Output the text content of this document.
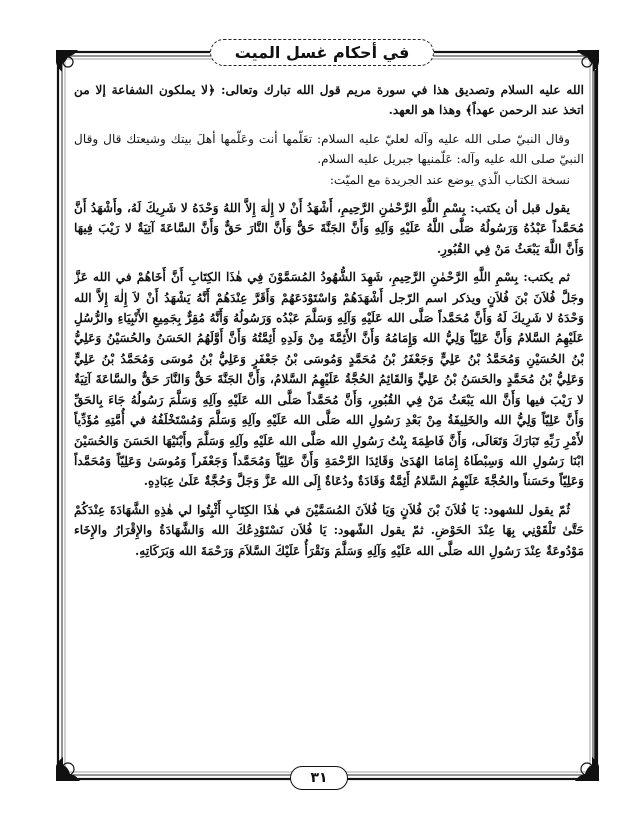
في أحكام غسل الميت

الله عليه السلام وتصديق هذا في سورة مريم قول الله تبارك وتعالى: ﴿لا يملكون الشفاعة إلا من اتخذ عند الرحمن عهداً﴾ وهذا هو العهد.

وقال النبيّ صلى الله عليه وآله لعليّ عليه السلام: تعَلّمها أنت وعَلّمها أهلَ بيتك وشيعتك قال وقال النبيّ صلى الله عليه وآله: عَلّمنيها جبريل عليه السلام.

نسخة الكتاب الّذي يوضع عند الجريدة مع الميّت:

يقول قبل أن يكتب: بِسْمِ اللَّهِ الرَّحْمٰنِ الرَّحِيمِ، أَشْهَدُ أَنْ لا إِلٰهَ إِلاَّ اللهُ وَحْدَهُ لا شَرِيكَ لَهُ، وأَشْهَدُ أَنَّ مُحَمَّداً عَبْدُهُ وَرَسُولُهُ صَلَّى اللَّهُ عَلَيْهِ وَآلِهِ وَأَنَّ الجَنَّةَ حَقٌّ وَأَنَّ النَّارَ حَقٌّ وَأَنَّ السَّاعَةَ آتِيَةٌ لا رَيْبَ فِيهَا وَأَنَّ اللَّهَ يَبْعَثُ مَنْ فِي القُبُورِ.

ثم يكتب: بِسْمِ اللَّهِ الرَّحْمٰنِ الرَّحِيمِ، شَهِدَ الشُّهُودُ المُسَمَّوْنَ فِي هٰذَا الكِتَابِ أَنَّ أَخَاهُمْ في الله عَزَّ وجَلَّ فُلاَنَ بْنَ فُلاَنٍ ويذكر اسم الرّجل أَشْهَدَهُمْ وَاسْتَوْدَعَهُمْ وَأَقَرَّ عِنْدَهُمْ أَنَّهُ يَشْهَدُ أَنْ لاَ إِلٰهَ إِلاَّ الله وَحْدَهُ لا شَرِيكَ لَهُ وَأَنَّ مُحَمَّداً صَلَّى الله عَلَيْهِ وَآلِهِ وَسَلَّمَ عَبْدُه وَرَسُولُهُ وَأَنَّهُ مُقِرٌّ بِجَمِيعِ الأَنْبِيَاءِ والرُّسُلِ عَلَيْهِمُ السَّلامُ وَأَنَّ عَلِيّاً وَلِيُّ الله وَإِمَامُهُ وَأَنَّ الأَئِمَّةَ مِنْ وَلَدِهِ أَئِمَّتُهُ وَأَنَّ أَوَّلَهُمُ الحَسَنُ والحُسَيْنُ وَعَلِيُّ بْنُ الحُسَيْنِ وَمُحَمَّدُ بْنُ عَلِيٍّ وَجَعْفَرُ بْنُ مُحَمَّدٍ وَمُوسَى بْنُ جَعْفَرٍ وَعَلِيُّ بْنُ مُوسَى وَمُحَمَّدُ بْنُ عَلِيٍّ وَعَلِيُّ بْنُ مُحَمَّدٍ والحَسَنُ بْنُ عَلِيٍّ وَالقَائِمُ الحُجَّةُ عَلَيْهِمُ السَّلامُ، وَأَنَّ الجَنَّةَ حَقٌّ وَالنَّارَ حَقٌّ والسَّاعَةَ آتِيَةٌ لا رَيْبَ فيها وَأَنَّ الله يَبْعَثُ مَنْ فِي القُبُورِ، وَأَنَّ مُحَمَّداً صَلَّى الله عَلَيْهِ وآلِهِ وَسَلَّمَ رَسُولُهُ جَاءَ بِالحَقِّ وَأَنَّ عَلِيّاً وَلِيُّ الله والخَلِيفَةُ مِنْ بَعْدِ رَسُولِ الله صَلَّى الله عَلَيْهِ وآلِهِ وَسَلَّمَ وَمُسْتَخْلَفُهُ في أُمَّتِهِ مُؤَدِّياً لأَمْرِ رَبِّهِ تَبَارَكَ وَتَعَالَى، وَأَنَّ فَاطِمَةَ بِنْتُ رَسُولِ الله صَلَّى الله عَلَيْهِ وآلِهِ وَسَلَّمَ وأَبْنَيْهَا الحَسَنَ وَالحُسَيْنَ ابْنَا رَسُولِ الله وَسِبْطَاهُ إِمَامَا الهُدَىٰ وَقَائِدَا الرَّحْمَةِ وَأَنَّ عَلِيّاً وَمُحَمَّداً وَجَعْفَراً وَمُوسَىٰ وَعَلِيّاً وَمُحَمَّداً وَعَلِيّاً وحَسَناً والحُجَّةَ عَلَيْهِمُ السَّلامُ أَئِمَّةٌ وَقَادَةٌ ودُعَاةٌ إِلَى الله عَزَّ وَجَلَّ وَحُجَّةٌ عَلَىٰ عِبَادِهِ.

ثُمّ يقول للشهود: يَا فُلاَنَ بْنَ فُلاَنٍ وَيَا فُلاَنَ المُسَمَّيْنَ في هٰذَا الكِتَابِ أَثْبِتُوا لي هٰذِهِ الشَّهَادَةَ عِنْدَكُمْ حَتَّىٰ تَلْقَوْنِي بِهَا عِنْدَ الحَوْضِ. ثمّ يقول الشّهود: يَا فُلاَن نَسْتَوْدِعُكَ الله وَالشَّهَادَةُ والإِقْرَارُ والإِخَاء مَوْدُوعَةٌ عِنْدَ رَسُولِ الله صَلَّى الله عَلَيْهِ وَآلِهِ وَسَلَّمَ وَنَقْرَأُ عَلَيْكَ السَّلاَمَ وَرَحْمَةَ الله وَبَرَكَاتِهِ.

٣١
